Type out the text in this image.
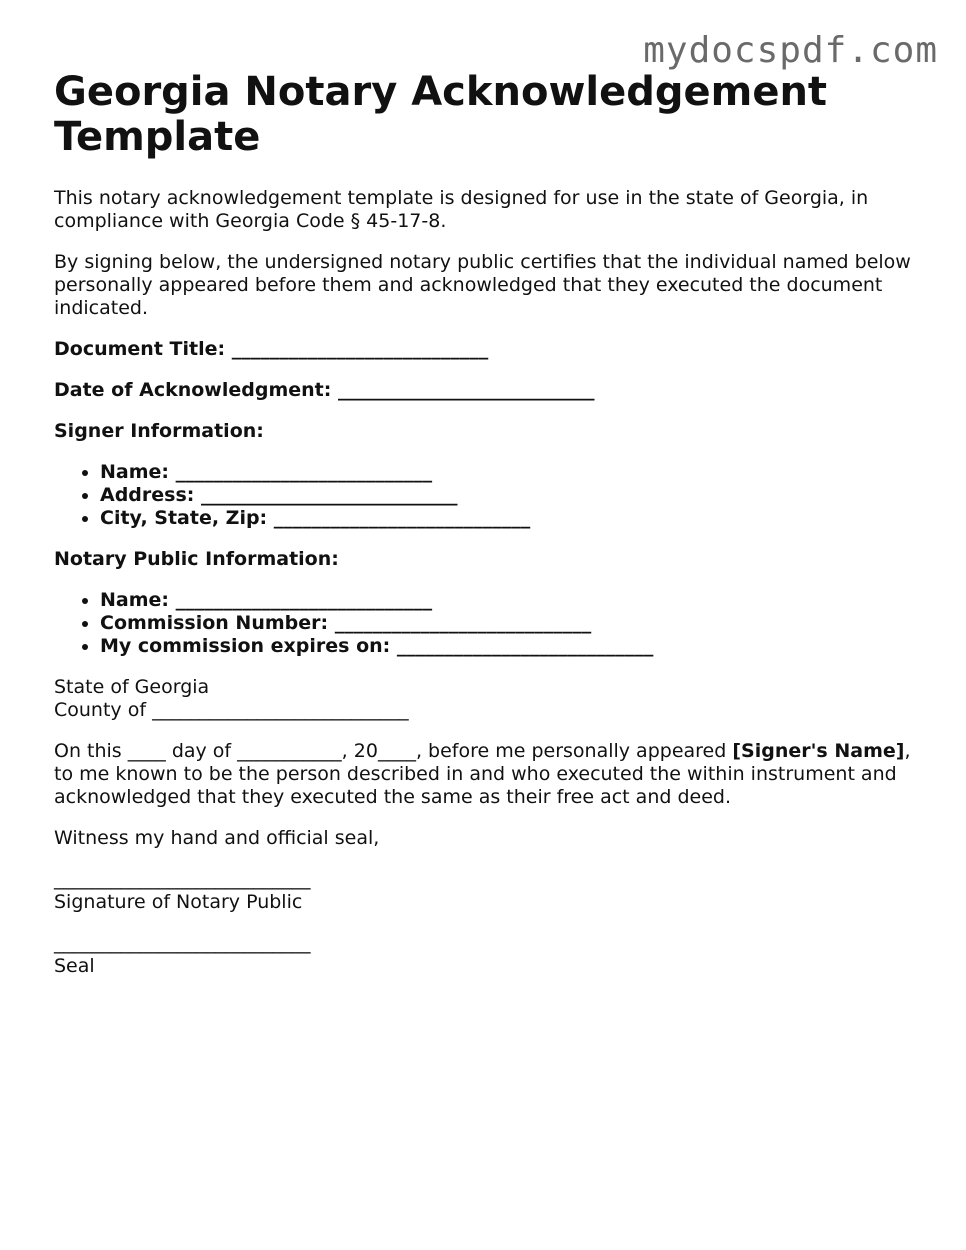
mydocspdf.com
Georgia Notary Acknowledgement Template

This notary acknowledgement template is designed for use in the state of Georgia, in compliance with Georgia Code § 45-17-8.

By signing below, the undersigned notary public certifies that the individual named below personally appeared before them and acknowledged that they executed the document indicated.

Document Title: ___________________________

Date of Acknowledgment: ___________________________

Signer Information:

• Name: ___________________________
• Address: ___________________________
• City, State, Zip: ___________________________

Notary Public Information:

• Name: ___________________________
• Commission Number: ___________________________
• My commission expires on: ___________________________

State of Georgia
County of ___________________________

On this ____ day of ___________, 20____, before me personally appeared [Signer's Name], to me known to be the person described in and who executed the within instrument and acknowledged that they executed the same as their free act and deed.

Witness my hand and official seal,

___________________________
Signature of Notary Public
___________________________
Seal
